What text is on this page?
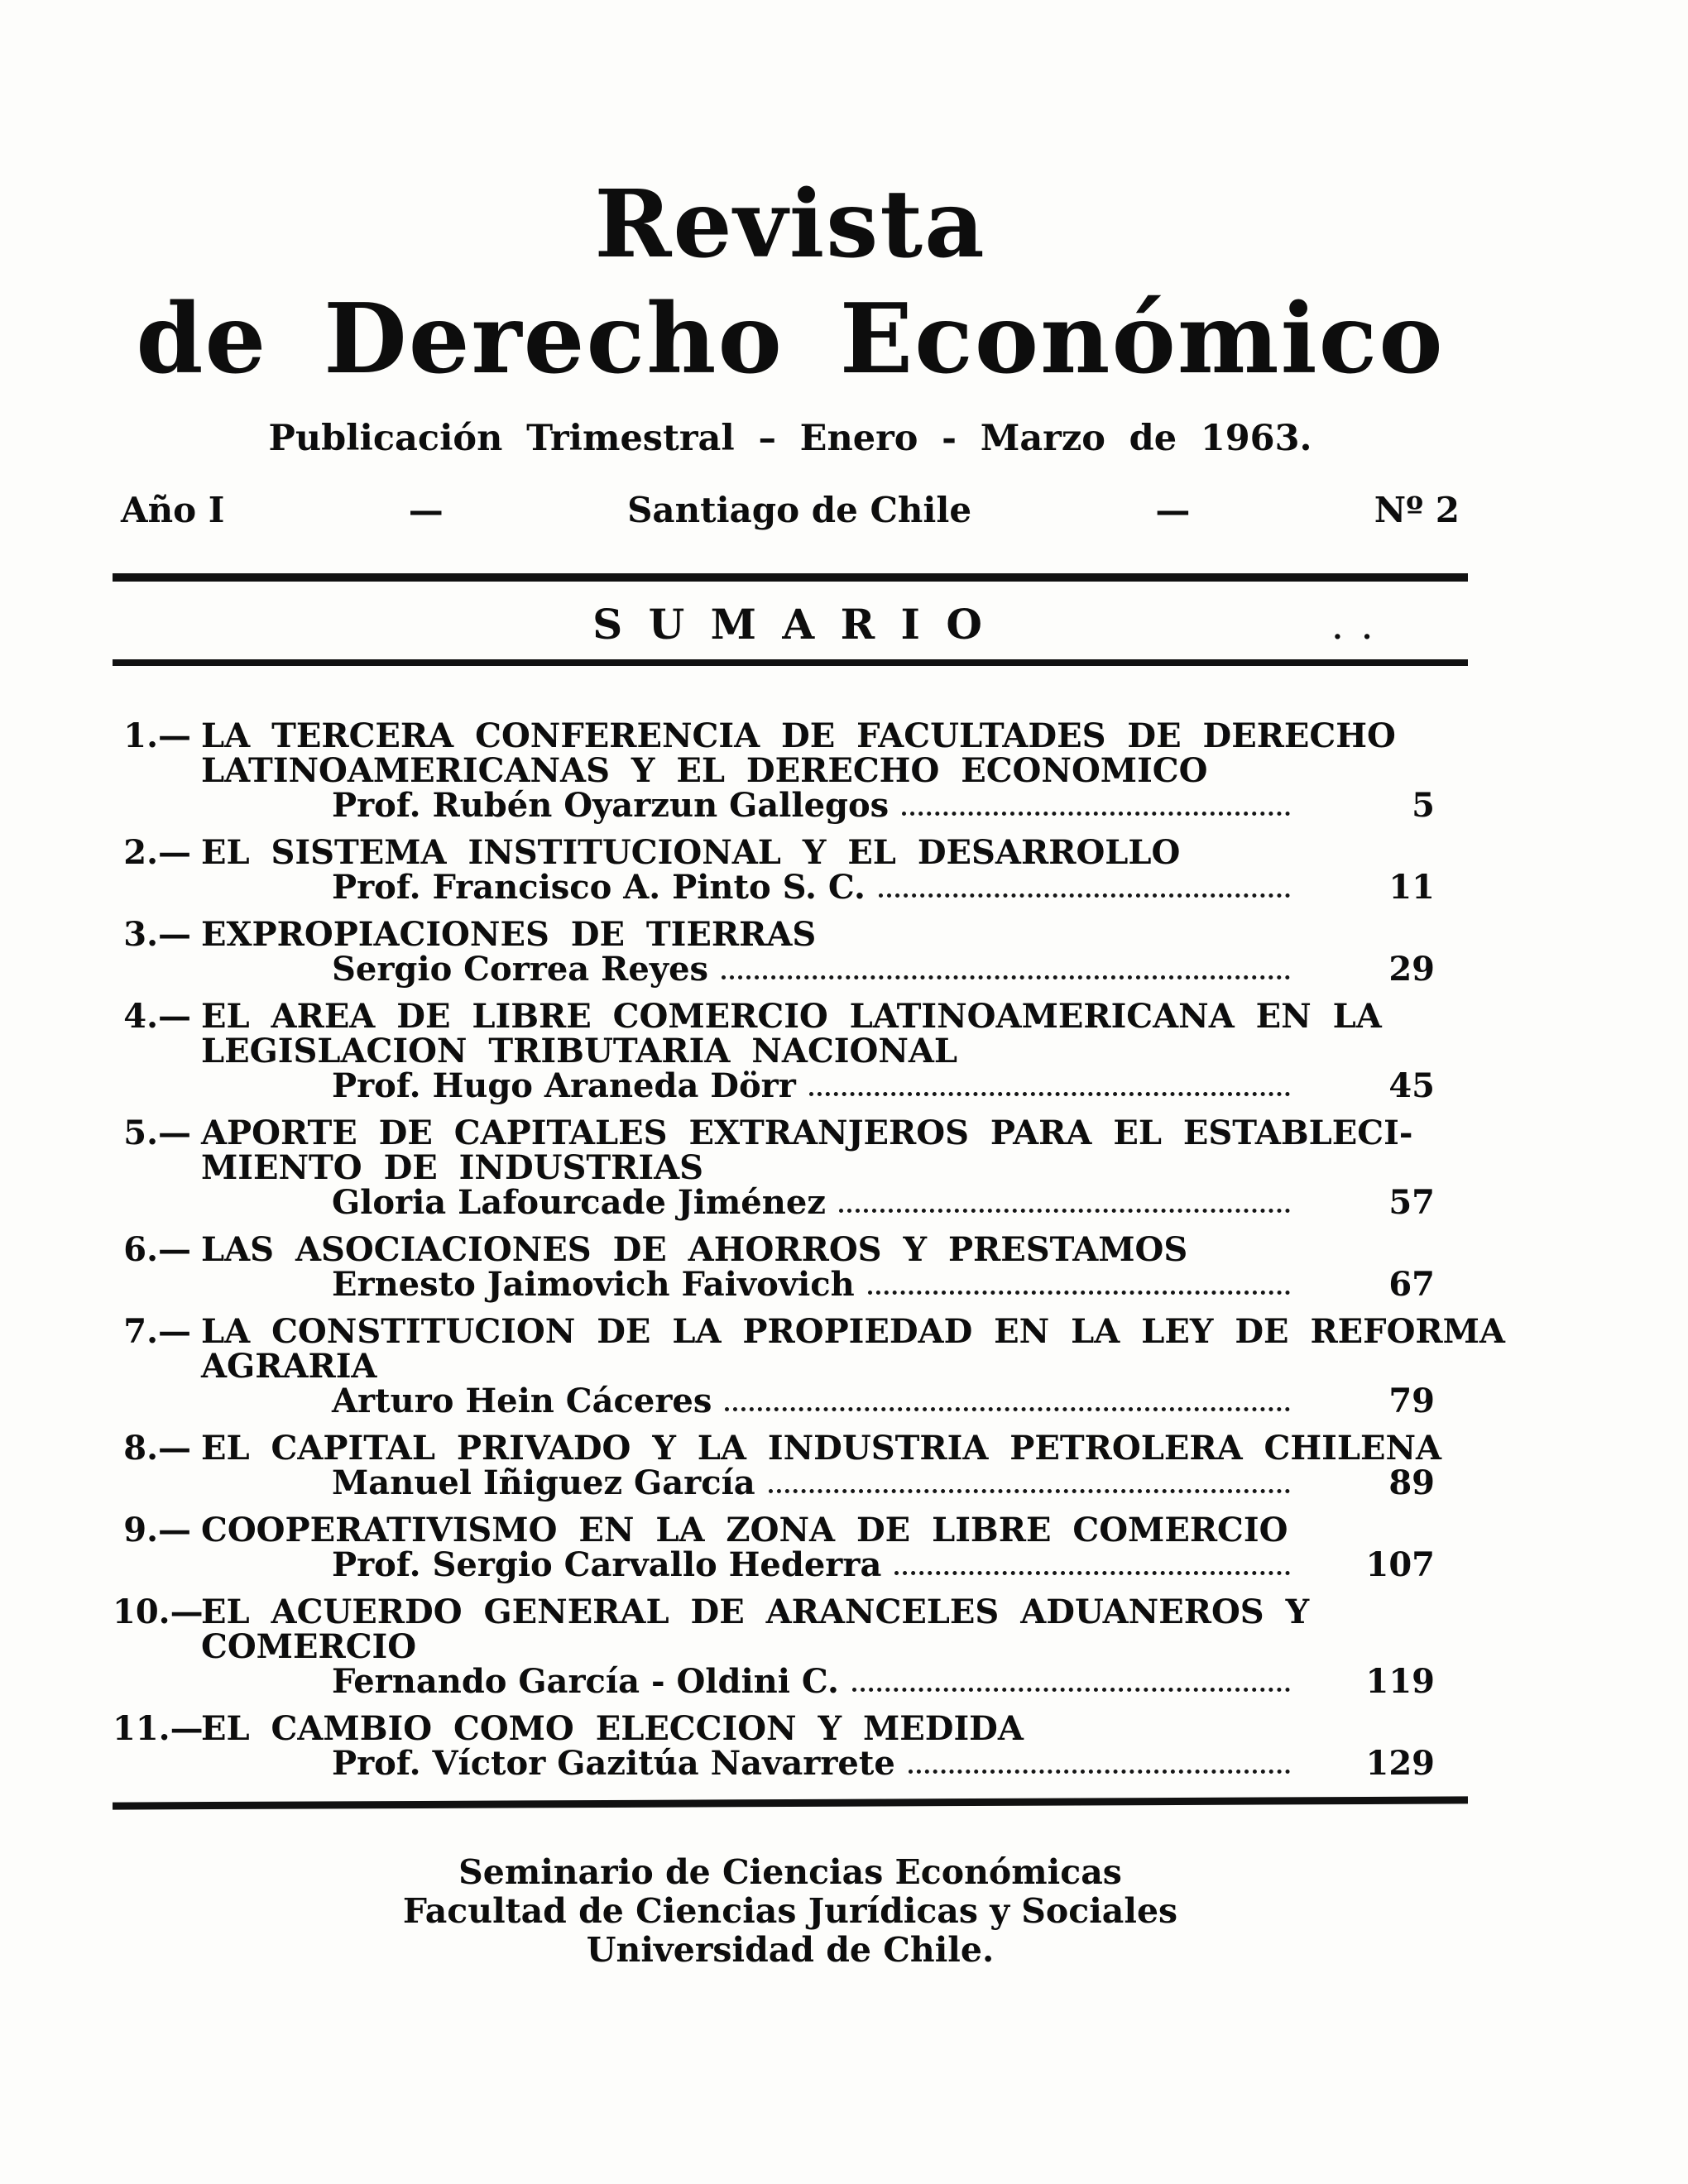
Revista
de Derecho Económico
Publicación Trimestral – Enero - Marzo de 1963.
Año I	—	Santiago de Chile	—	Nº 2
S U M A R I O	. .
1.— LA TERCERA CONFERENCIA DE FACULTADES DE DERECHO
LATINOAMERICANAS Y EL DERECHO ECONOMICO
Prof. Rubén Oyarzun Gallegos	5
2.— EL SISTEMA INSTITUCIONAL Y EL DESARROLLO
Prof. Francisco A. Pinto S. C.	11
3.— EXPROPIACIONES DE TIERRAS
Sergio Correa Reyes	29
4.— EL AREA DE LIBRE COMERCIO LATINOAMERICANA EN LA
LEGISLACION TRIBUTARIA NACIONAL
Prof. Hugo Araneda Dörr	45
5.— APORTE DE CAPITALES EXTRANJEROS PARA EL ESTABLECI-
MIENTO DE INDUSTRIAS
Gloria Lafourcade Jiménez	57
6.— LAS ASOCIACIONES DE AHORROS Y PRESTAMOS
Ernesto Jaimovich Faivovich	67
7.— LA CONSTITUCION DE LA PROPIEDAD EN LA LEY DE REFORMA
AGRARIA
Arturo Hein Cáceres	79
8.— EL CAPITAL PRIVADO Y LA INDUSTRIA PETROLERA CHILENA
Manuel Iñiguez García	89
9.— COOPERATIVISMO EN LA ZONA DE LIBRE COMERCIO
Prof. Sergio Carvallo Hederra	107
10.—
EL ACUERDO GENERAL DE ARANCELES ADUANEROS Y
COMERCIO
Fernando García - Oldini C.	119
11.—
EL CAMBIO COMO ELECCION Y MEDIDA
Prof. Víctor Gazitúa Navarrete	129
Seminario de Ciencias Económicas
Facultad de Ciencias Jurídicas y Sociales
Universidad de Chile.
